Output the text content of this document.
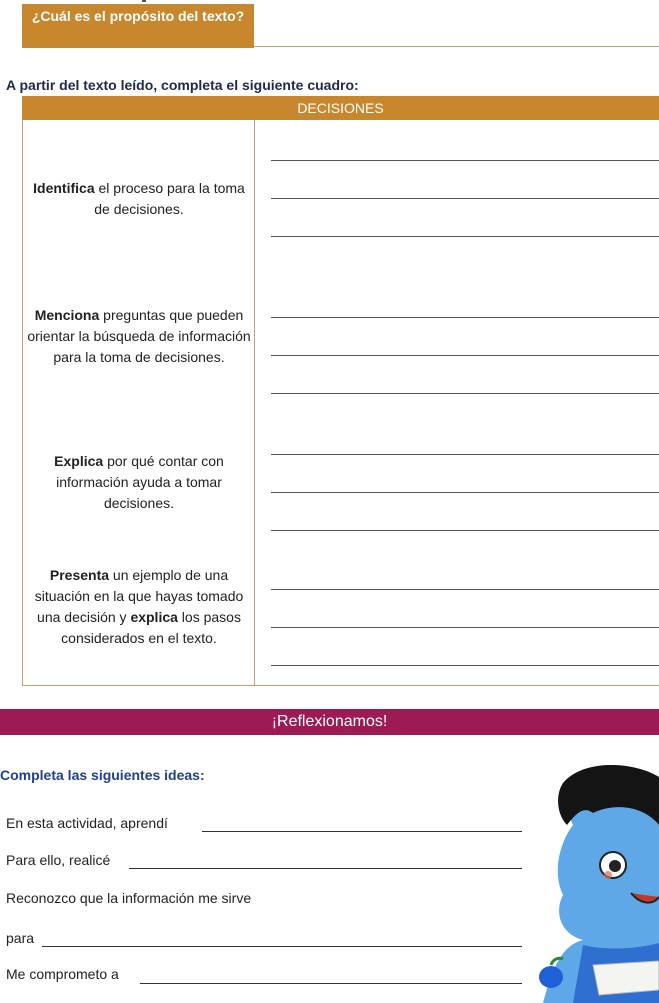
¿Cuál es el propósito del texto?
A partir del texto leído, completa el siguiente cuadro:
DECISIONES
Identifica el proceso para la toma de decisiones.
Menciona preguntas que pueden orientar la búsqueda de información para la toma de decisiones.
Explica por qué contar con información ayuda a tomar decisiones.
Presenta un ejemplo de una situación en la que hayas tomado una decisión y explica los pasos considerados en el texto.
¡Reflexionamos!
Completa las siguientes ideas:
En esta actividad, aprendí
Para ello, realicé
Reconozco que la información me sirve
para
Me comprometo a
